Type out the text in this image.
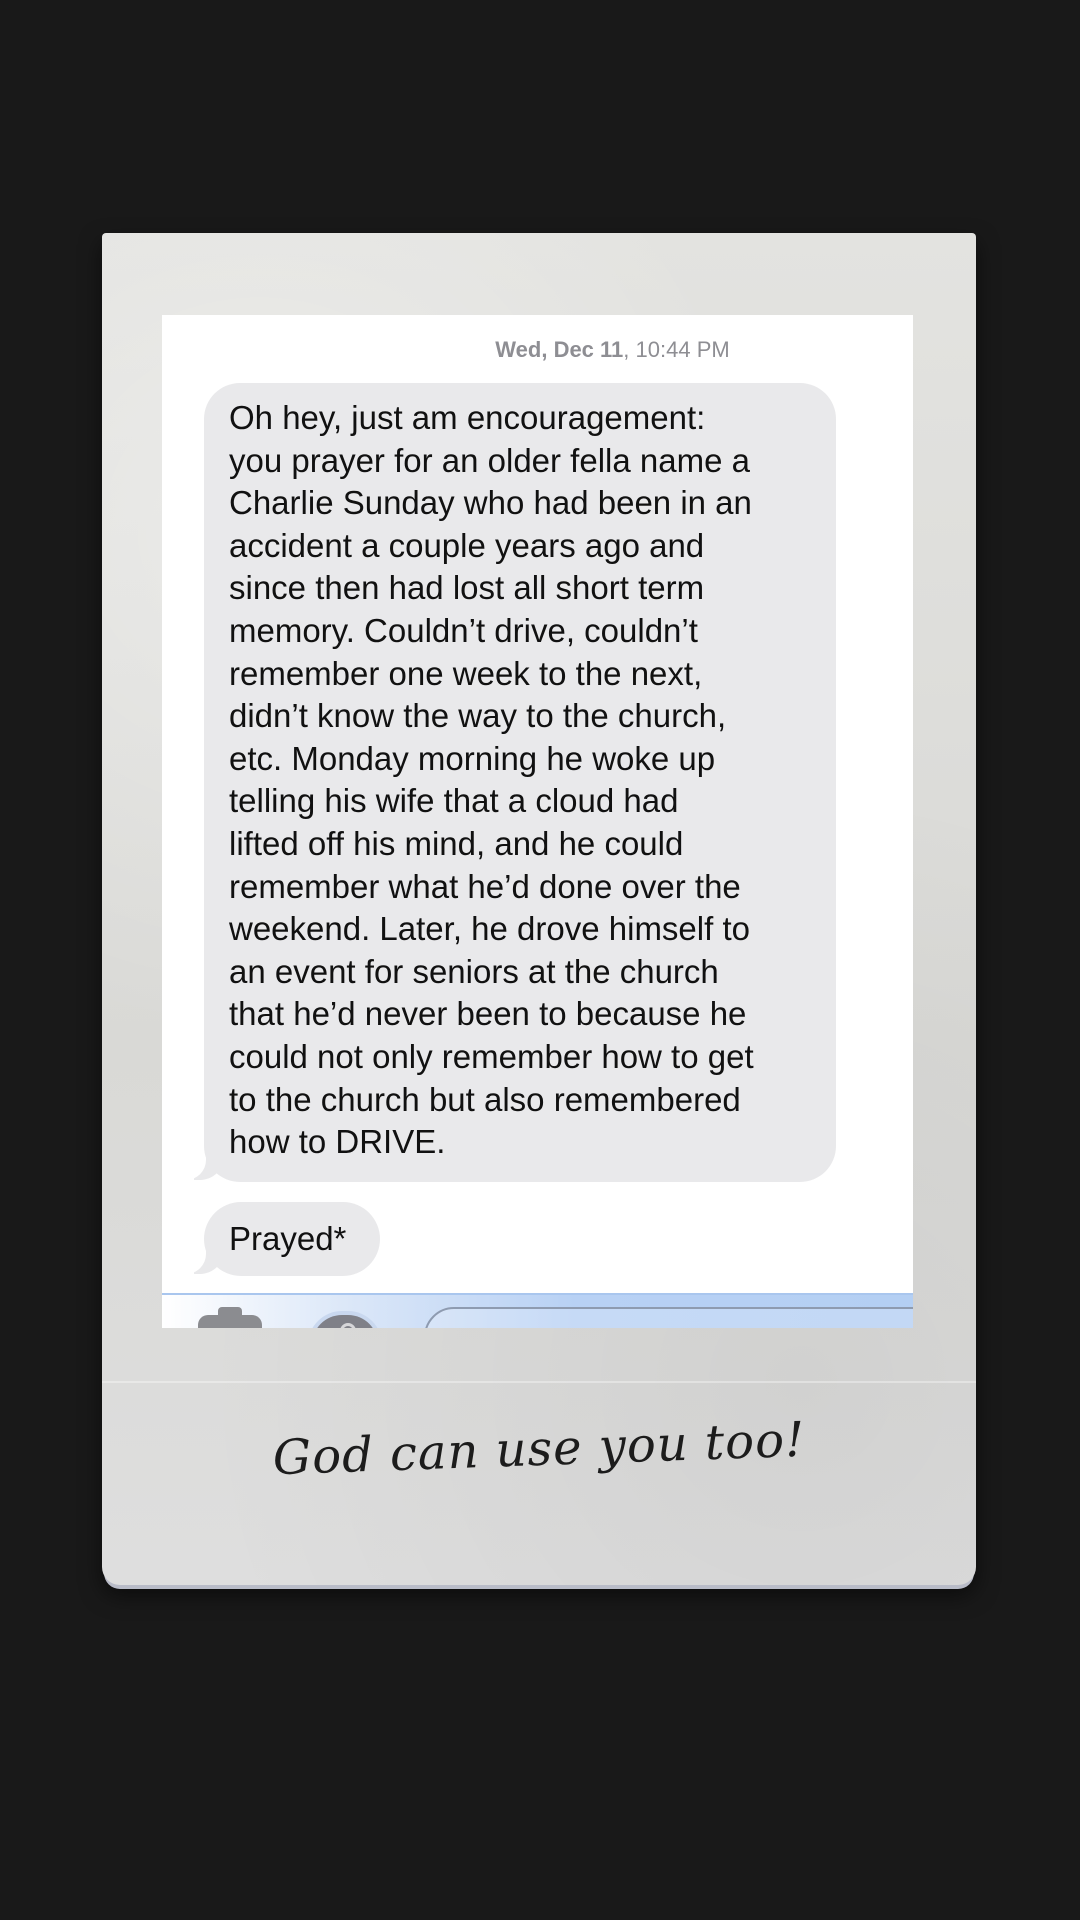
Wed, Dec 11, 10:44 PM
Oh hey, just am encouragement:
you prayer for an older fella name a
Charlie Sunday who had been in an
accident a couple years ago and
since then had lost all short term
memory. Couldn’t drive, couldn’t
remember one week to the next,
didn’t know the way to the church,
etc. Monday morning he woke up
telling his wife that a cloud had
lifted off his mind, and he could
remember what he’d done over the
weekend. Later, he drove himself to
an event for seniors at the church
that he’d never been to because he
could not only remember how to get
to the church but also remembered
how to DRIVE.
Prayed*
God can use you too!
